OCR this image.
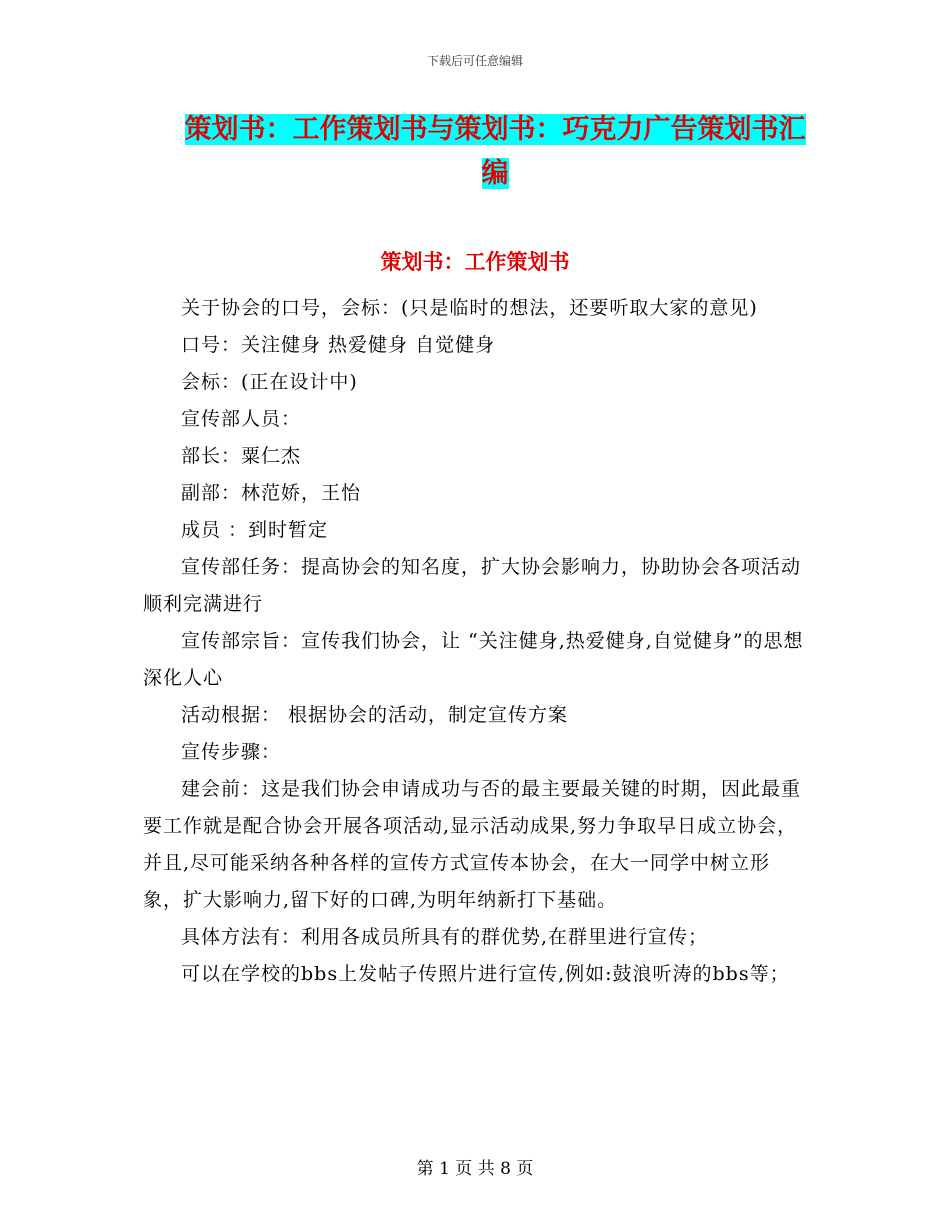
下载后可任意编辑
策划书：工作策划书与策划书：巧克力广告策划书汇编
策划书：工作策划书

关于协会的口号，会标：(只是临时的想法，还要听取大家的意见)

口号：关注健身 热爱健身 自觉健身

会标：(正在设计中)

宣传部人员：

部长：粟仁杰

副部：林范娇，王怡

成员 ：到时暂定

宣传部任务：提高协会的知名度，扩大协会影响力，协助协会各项活动顺利完满进行

宣传部宗旨：宣传我们协会，让 “关注健身,热爱健身,自觉健身”的思想深化人心

活动根据： 根据协会的活动，制定宣传方案

宣传步骤：

建会前：这是我们协会申请成功与否的最主要最关键的时期，因此最重要工作就是配合协会开展各项活动,显示活动成果,努力争取早日成立协会，并且,尽可能采纳各种各样的宣传方式宣传本协会，在大一同学中树立形象，扩大影响力,留下好的口碑,为明年纳新打下基础。

具体方法有：利用各成员所具有的群优势,在群里进行宣传；

可以在学校的bbs上发帖子传照片进行宣传,例如:鼓浪听涛的bbs等；

第 1 页 共 8 页
